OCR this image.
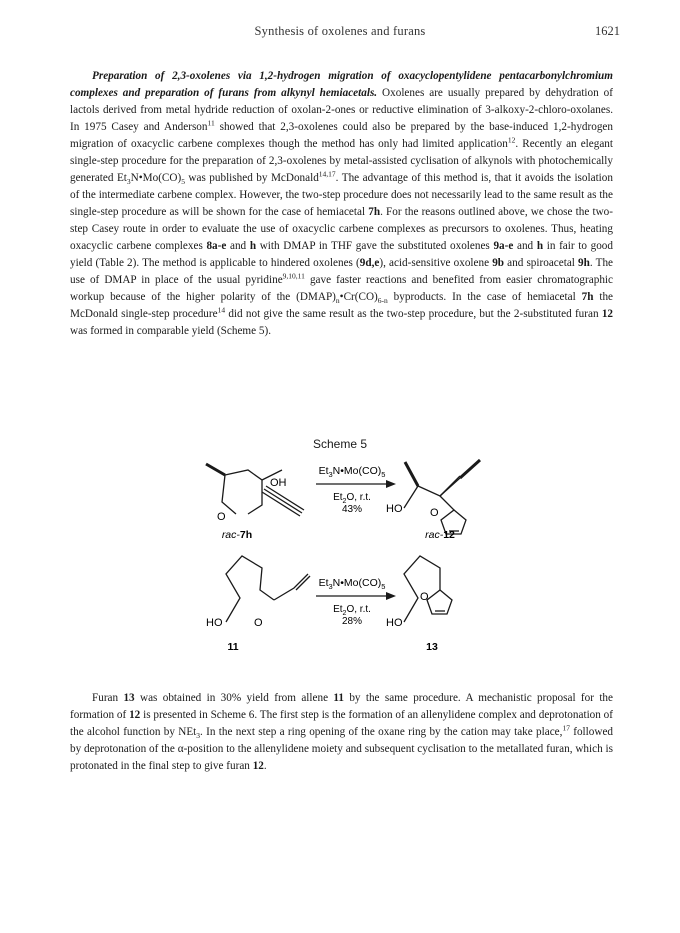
Synthesis of oxolenes and furans	1621

Preparation of 2,3-oxolenes via 1,2-hydrogen migration of oxacyclopentylidene pentacarbonylchromium complexes and preparation of furans from alkynyl hemiacetals. Oxolenes are usually prepared by dehydration of lactols derived from metal hydride reduction of oxolan-2-ones or reductive elimination of 3-alkoxy-2-chloro-oxolanes. In 1975 Casey and Anderson$^{11}$ showed that 2,3-oxolenes could also be prepared by the base-induced 1,2-hydrogen migration of oxacyclic carbene complexes though the method has only had limited application$^{12}$. Recently an elegant single-step procedure for the preparation of 2,3-oxolenes by metal-assisted cyclisation of alkynols with photochemically generated $Et_3N•Mo(CO)_5$ was published by McDonald$^{14,17}$. The advantage of this method is, that it avoids the isolation of the intermediate carbene complex. However, the two-step procedure does not necessarily lead to the same result as the single-step procedure as will be shown for the case of hemiacetal 7h. For the reasons outlined above, we chose the two-step Casey route in order to evaluate the use of oxacyclic carbene complexes as precursors to oxolenes. Thus, heating oxacyclic carbene complexes 8a-e and h with DMAP in THF gave the substituted oxolenes 9a-e and h in fair to good yield (Table 2). The method is applicable to hindered oxolenes (9d,e), acid-sensitive oxolene 9b and spiroacetal 9h. The use of DMAP in place of the usual pyridine$^{9,10,11}$ gave faster reactions and benefited from easier chromatographic workup because of the higher polarity of the $(DMAP)_n•Cr(CO)_{6-n}$ byproducts. In the case of hemiacetal 7h the McDonald single-step procedure$^{14}$ did not give the same result as the two-step procedure, but the 2-substituted furan 12 was formed in comparable yield (Scheme 5).

Scheme 5
OH
O
$Et_3N•Mo(CO)_5$
$Et_2O$, r.t.
43%
rac-7h
HO	O
rac-12
HO	O
$Et_3N•Mo(CO)_5$
$Et_2O$, r.t.
28%
11
HO
O
13

Furan 13 was obtained in 30% yield from allene 11 by the same procedure. A mechanistic proposal for the formation of 12 is presented in Scheme 6. The first step is the formation of an allenylidene complex and deprotonation of the alcohol function by NEt$_3$. In the next step a ring opening of the oxane ring by the cation may take place,$^{17}$ followed by deprotonation of the α-position to the allenylidene moiety and subsequent cyclisation to the metallated furan, which is protonated in the final step to give furan 12.
